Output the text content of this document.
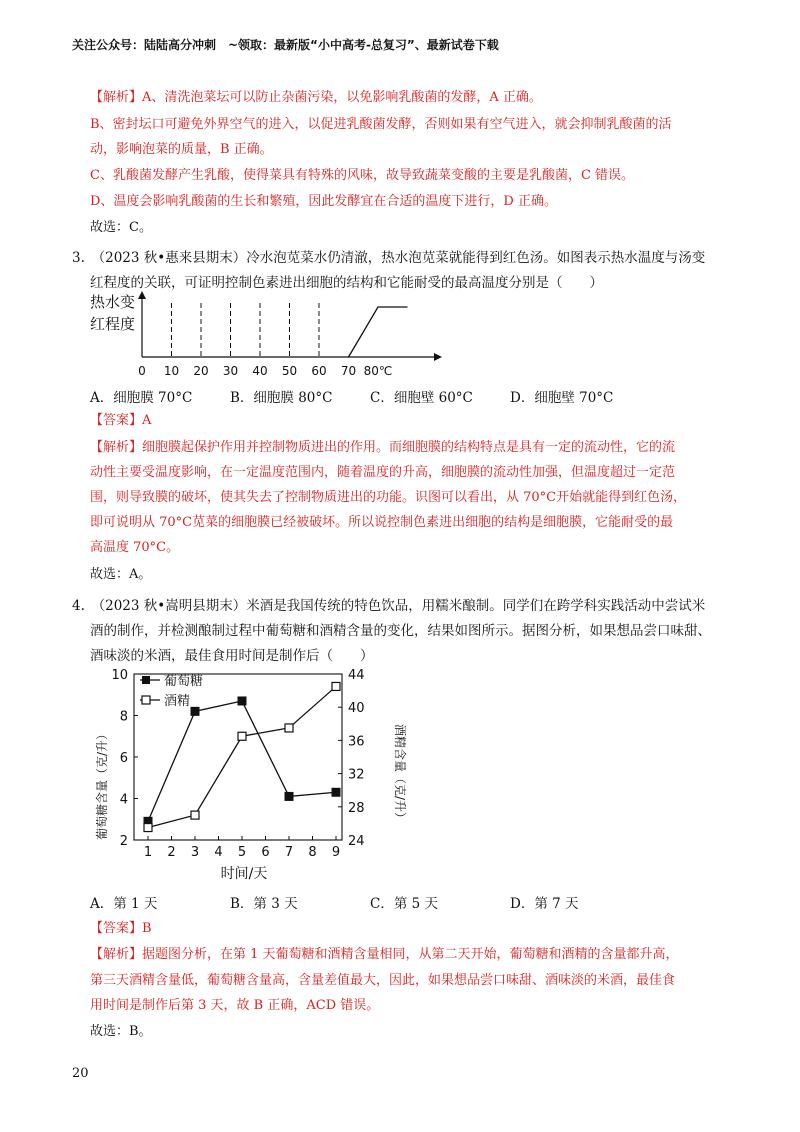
关注公众号：陆陆高分冲刺　~领取：最新版“小中高考-总复习”、最新试卷下载
【解析】A、清洗泡菜坛可以防止杂菌污染，以免影响乳酸菌的发酵，A 正确。
B、密封坛口可避免外界空气的进入，以促进乳酸菌发酵，否则如果有空气进入，就会抑制乳酸菌的活
动，影响泡菜的质量，B 正确。
C、乳酸菌发酵产生乳酸，使得菜具有特殊的风味，故导致蔬菜变酸的主要是乳酸菌，C 错误。
D、温度会影响乳酸菌的生长和繁殖，因此发酵宜在合适的温度下进行，D 正确。
故选：C。
3.　（2023 秋•惠来县期末）冷水泡苋菜水仍清澈，热水泡苋菜就能得到红色汤。如图表示热水温度与汤变
红程度的关联，可证明控制色素进出细胞的结构和它能耐受的最高温度分别是（　　）
热水变
红程度
0 10 20 30 40 50 60 70 80℃
A．细胞膜 70°C	B．细胞膜 80°C	C．细胞壁 60°C	D．细胞壁 70°C
【答案】A
【解析】细胞膜起保护作用并控制物质进出的作用。而细胞膜的结构特点是具有一定的流动性，它的流
动性主要受温度影响，在一定温度范围内，随着温度的升高，细胞膜的流动性加强，但温度超过一定范
围，则导致膜的破坏，使其失去了控制物质进出的功能。识图可以看出，从 70°C开始就能得到红色汤，
即可说明从 70°C苋菜的细胞膜已经被破坏。所以说控制色素进出细胞的结构是细胞膜，它能耐受的最
高温度 70°C。
故选：A。
4.　（2023 秋•嵩明县期末）米酒是我国传统的特色饮品，用糯米酿制。同学们在跨学科实践活动中尝试米
酒的制作，并检测酿制过程中葡萄糖和酒精含量的变化，结果如图所示。据图分析，如果想品尝口味甜、
酒味淡的米酒，最佳食用时间是制作后（　　）
葡萄糖含量（克/升）	酒精含量（克/升）
时间/天
1 2 3 4 5 6 7 8 9
2
4
6
8
10
24
28
32
36
40
44
葡萄糖
酒精
A．第 1 天	B．第 3 天	C．第 5 天	D．第 7 天
【答案】B
【解析】据题图分析，在第 1 天葡萄糖和酒精含量相同，从第二天开始，葡萄糖和酒精的含量都升高，
第三天酒精含量低，葡萄糖含量高，含量差值最大，因此，如果想品尝口味甜、酒味淡的米酒，最佳食
用时间是制作后第 3 天，故 B 正确，ACD 错误。
故选：B。
20
